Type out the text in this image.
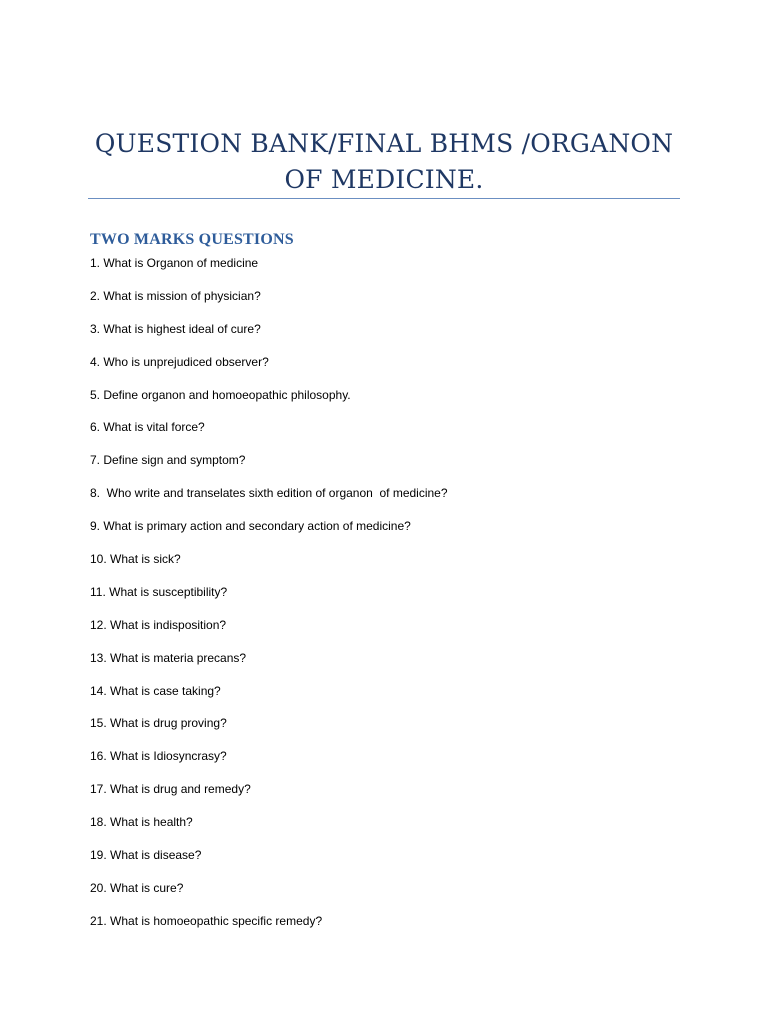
QUESTION BANK/FINAL BHMS /ORGANON OF MEDICINE.
TWO MARKS QUESTIONS
1. What is Organon of medicine
2. What is mission of physician?
3. What is highest ideal of cure?
4. Who is unprejudiced observer?
5. Define organon and homoeopathic philosophy.
6. What is vital force?
7. Define sign and symptom?
8.  Who write and transelates sixth edition of organon  of medicine?
9. What is primary action and secondary action of medicine?
10. What is sick?
11. What is susceptibility?
12. What is indisposition?
13. What is materia precans?
14. What is case taking?
15. What is drug proving?
16. What is Idiosyncrasy?
17. What is drug and remedy?
18. What is health?
19. What is disease?
20. What is cure?
21. What is homoeopathic specific remedy?
